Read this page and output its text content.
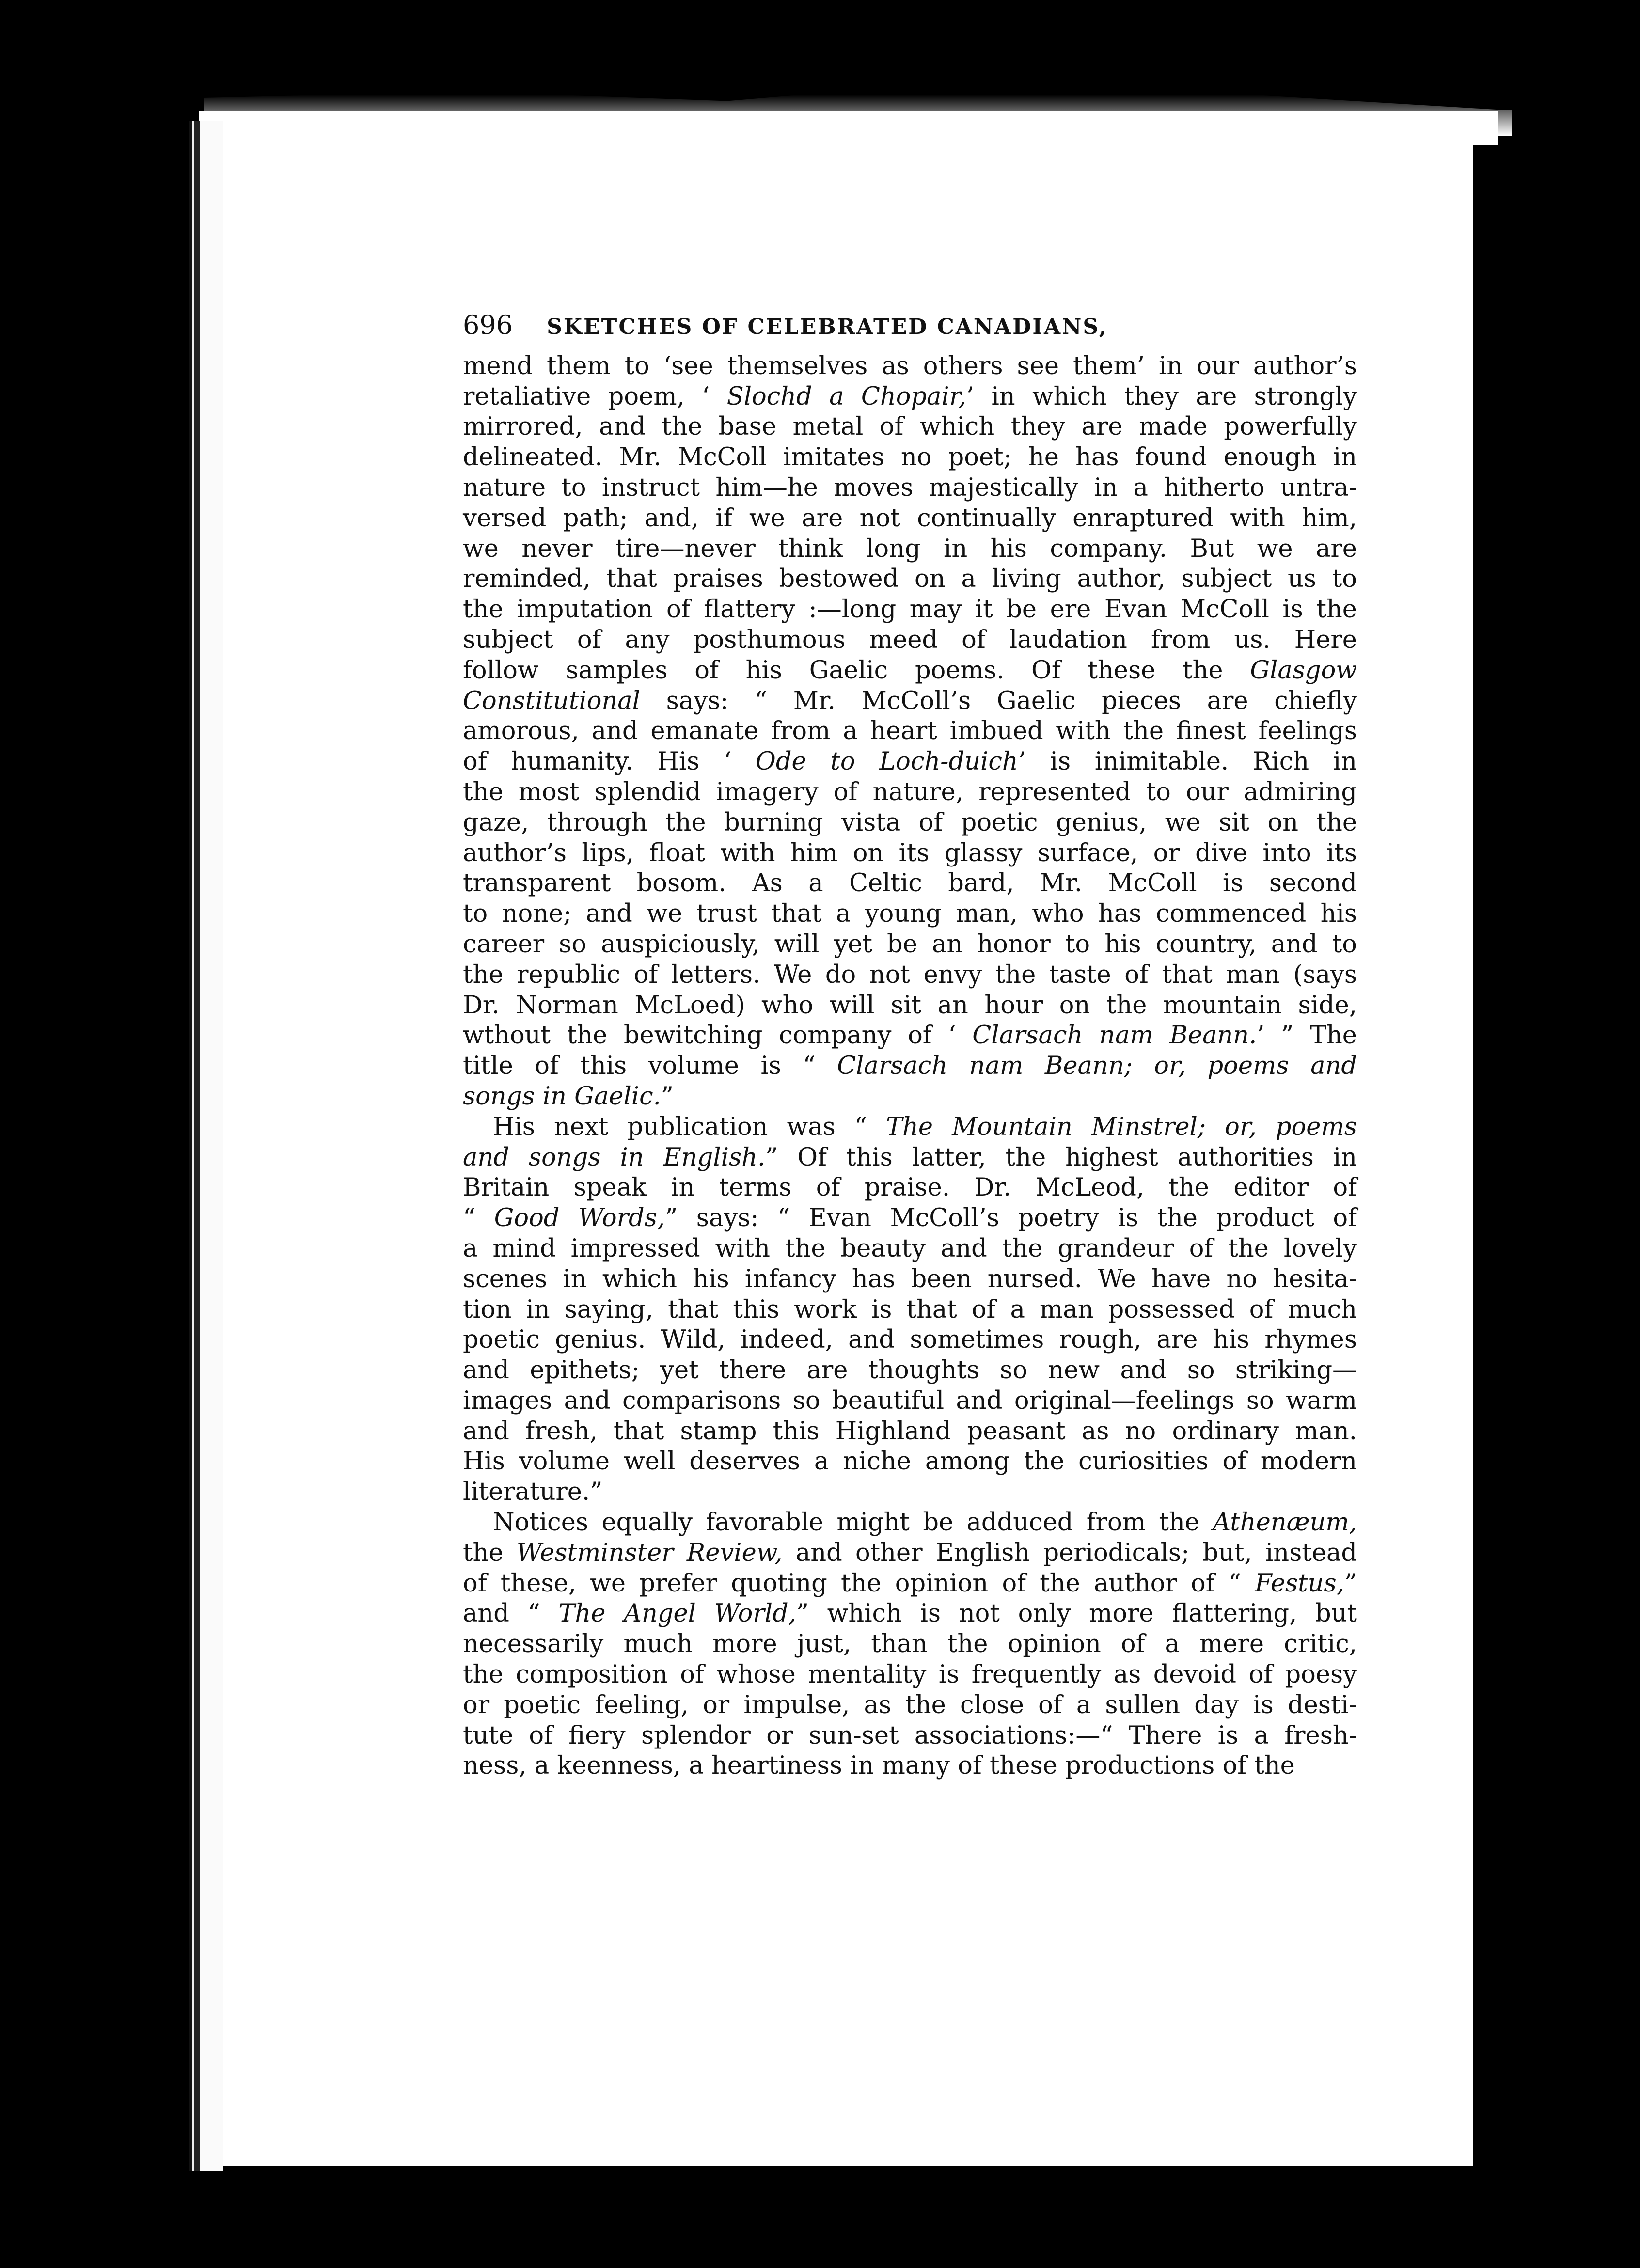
696 SKETCHES OF CELEBRATED CANADIANS,
mend them to ‘see themselves as others see them’ in our author’s
retaliative poem, ‘ Slochd a Chopair,’ in which they are strongly
mirrored, and the base metal of which they are made powerfully
delineated. Mr. McColl imitates no poet; he has found enough in
nature to instruct him—he moves majestically in a hitherto untra-
versed path; and, if we are not continually enraptured with him,
we never tire—never think long in his company. But we are
reminded, that praises bestowed on a living author, subject us to
the imputation of flattery :—long may it be ere Evan McColl is the
subject of any posthumous meed of laudation from us. Here
follow samples of his Gaelic poems. Of these the Glasgow
Constitutional says: “ Mr. McColl’s Gaelic pieces are chiefly
amorous, and emanate from a heart imbued with the finest feelings
of humanity. His ‘ Ode to Loch-duich’ is inimitable. Rich in
the most splendid imagery of nature, represented to our admiring
gaze, through the burning vista of poetic genius, we sit on the
author’s lips, float with him on its glassy surface, or dive into its
transparent bosom. As a Celtic bard, Mr. McColl is second
to none; and we trust that a young man, who has commenced his
career so auspiciously, will yet be an honor to his country, and to
the republic of letters. We do not envy the taste of that man (says
Dr. Norman McLoed) who will sit an hour on the mountain side,
wthout the bewitching company of ‘ Clarsach nam Beann.’ ” The
title of this volume is “ Clarsach nam Beann; or, poems and
songs in Gaelic.”
His next publication was “ The Mountain Minstrel; or, poems
and songs in English.” Of this latter, the highest authorities in
Britain speak in terms of praise. Dr. McLeod, the editor of
“ Good Words,” says: “ Evan McColl’s poetry is the product of
a mind impressed with the beauty and the grandeur of the lovely
scenes in which his infancy has been nursed. We have no hesita-
tion in saying, that this work is that of a man possessed of much
poetic genius. Wild, indeed, and sometimes rough, are his rhymes
and epithets; yet there are thoughts so new and so striking—
images and comparisons so beautiful and original—feelings so warm
and fresh, that stamp this Highland peasant as no ordinary man.
His volume well deserves a niche among the curiosities of modern
literature.”
Notices equally favorable might be adduced from the Athenæum,
the Westminster Review, and other English periodicals; but, instead
of these, we prefer quoting the opinion of the author of “ Festus,”
and “ The Angel World,” which is not only more flattering, but
necessarily much more just, than the opinion of a mere critic,
the composition of whose mentality is frequently as devoid of poesy
or poetic feeling, or impulse, as the close of a sullen day is desti-
tute of fiery splendor or sun-set associations:—“ There is a fresh-
ness, a keenness, a heartiness in many of these productions of the
